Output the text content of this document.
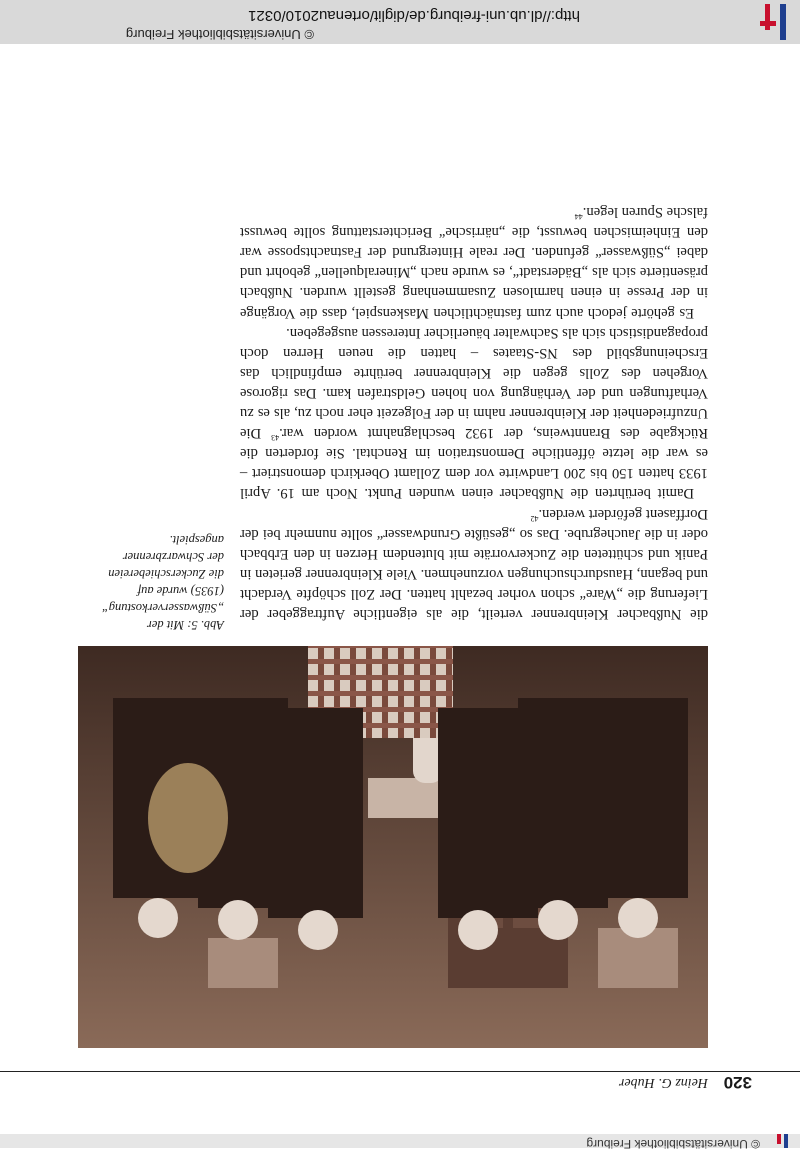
© Universitätsbibliothek Freiburg
320
Heinz G. Huber
Abb. 5: Mit der
„Süßwasserverkostung“
(1935) wurde auf
die Zuckerschiebereien
der Schwarzbrenner
angespielt.

die Nußbacher Kleinbrenner verteilt, die als eigentliche Auftraggeber der Lieferung die „Ware“ schon vorher bezahlt hatten. Der Zoll schöpfte Verdacht und begann, Hausdurchsuchungen vorzunehmen. Viele Kleinbrenner gerieten in Panik und schütteten die Zuckervorräte mit blutendem Herzen in den Erbbach oder in die Jauchegrube. Das so „gesüßte Grundwasser“ sollte nunmehr bei der Dorffasent gefördert werden.$^{42}$

Damit berührten die Nußbacher einen wunden Punkt. Noch am 19. April 1933 hatten 150 bis 200 Landwirte vor dem Zollamt Oberkirch demonstriert – es war die letzte öffentliche Demonstration im Renchtal. Sie forderten die Rückgabe des Branntweins, der 1932 beschlagnahmt worden war.$^{43}$ Die Unzufriedenheit der Kleinbrenner nahm in der Folgezeit eher noch zu, als es zu Verhaftungen und der Verhängung von hohen Geldstrafen kam. Das rigorose Vorgehen des Zolls gegen die Kleinbrenner berührte empfindlich das Erscheinungsbild des NS-Staates – hatten die neuen Herren doch propagandistisch sich als Sachwalter bäuerlicher Interessen ausgegeben.

Es gehörte jedoch auch zum fastnächtlichen Maskenspiel, dass die Vorgänge in der Presse in einen harmlosen Zusammenhang gestellt wurden. Nußbach präsentierte sich als „Bäderstadt“, es wurde nach „Mineralquellen“ gebohrt und dabei „Süßwasser“ gefunden. Der reale Hintergrund der Fastnachtsposse war den Einheimischen bewusst, die „närrische“ Berichterstattung sollte bewusst falsche Spuren legen.$^{44}$

© Universitätsbibliothek Freiburg
http://dl.ub.uni-freiburg.de/diglit/ortenau2010/0321
